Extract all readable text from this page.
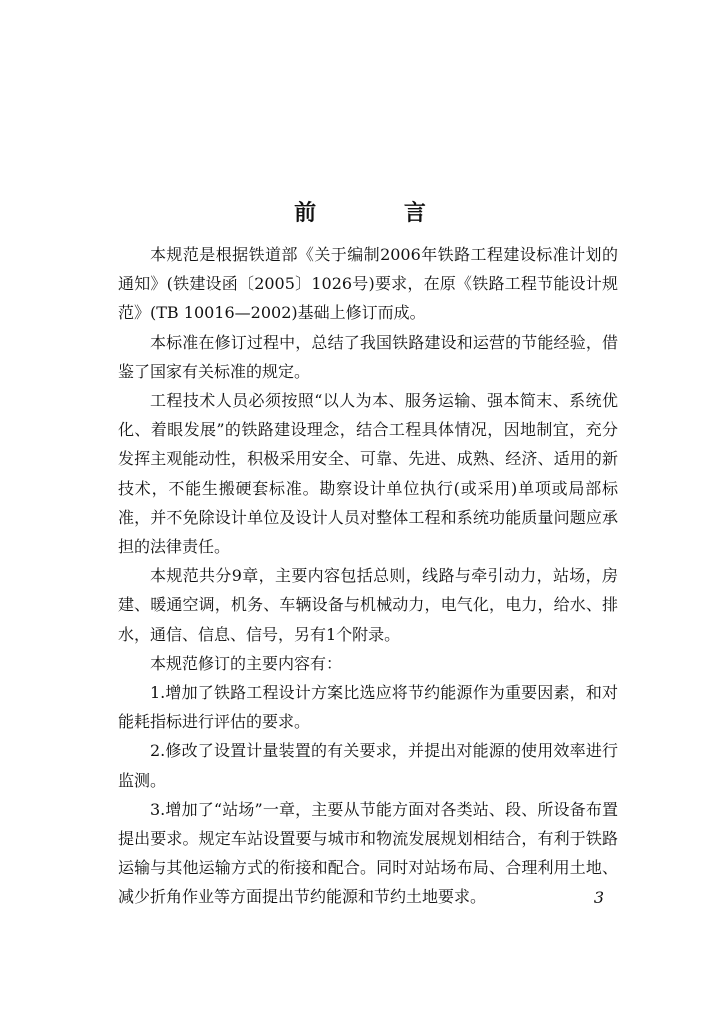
前 言

本规范是根据铁道部《关于编制2006年铁路工程建设标准计划的通知》(铁建设函〔2005〕1026号)要求，在原《铁路工程节能设计规范》(TB 10016—2002)基础上修订而成。

本标准在修订过程中，总结了我国铁路建设和运营的节能经验，借鉴了国家有关标准的规定。

工程技术人员必须按照“以人为本、服务运输、强本简末、系统优化、着眼发展”的铁路建设理念，结合工程具体情况，因地制宜，充分发挥主观能动性，积极采用安全、可靠、先进、成熟、经济、适用的新技术，不能生搬硬套标准。勘察设计单位执行(或采用)单项或局部标准，并不免除设计单位及设计人员对整体工程和系统功能质量问题应承担的法律责任。

本规范共分9章，主要内容包括总则，线路与牵引动力，站场，房建、暖通空调，机务、车辆设备与机械动力，电气化，电力，给水、排水，通信、信息、信号，另有1个附录。

本规范修订的主要内容有：

1.增加了铁路工程设计方案比选应将节约能源作为重要因素，和对能耗指标进行评估的要求。

2.修改了设置计量装置的有关要求，并提出对能源的使用效率进行监测。

3.增加了“站场”一章，主要从节能方面对各类站、段、所设备布置提出要求。规定车站设置要与城市和物流发展规划相结合，有利于铁路运输与其他运输方式的衔接和配合。同时对站场布局、合理利用土地、减少折角作业等方面提出节约能源和节约土地要求。	3
